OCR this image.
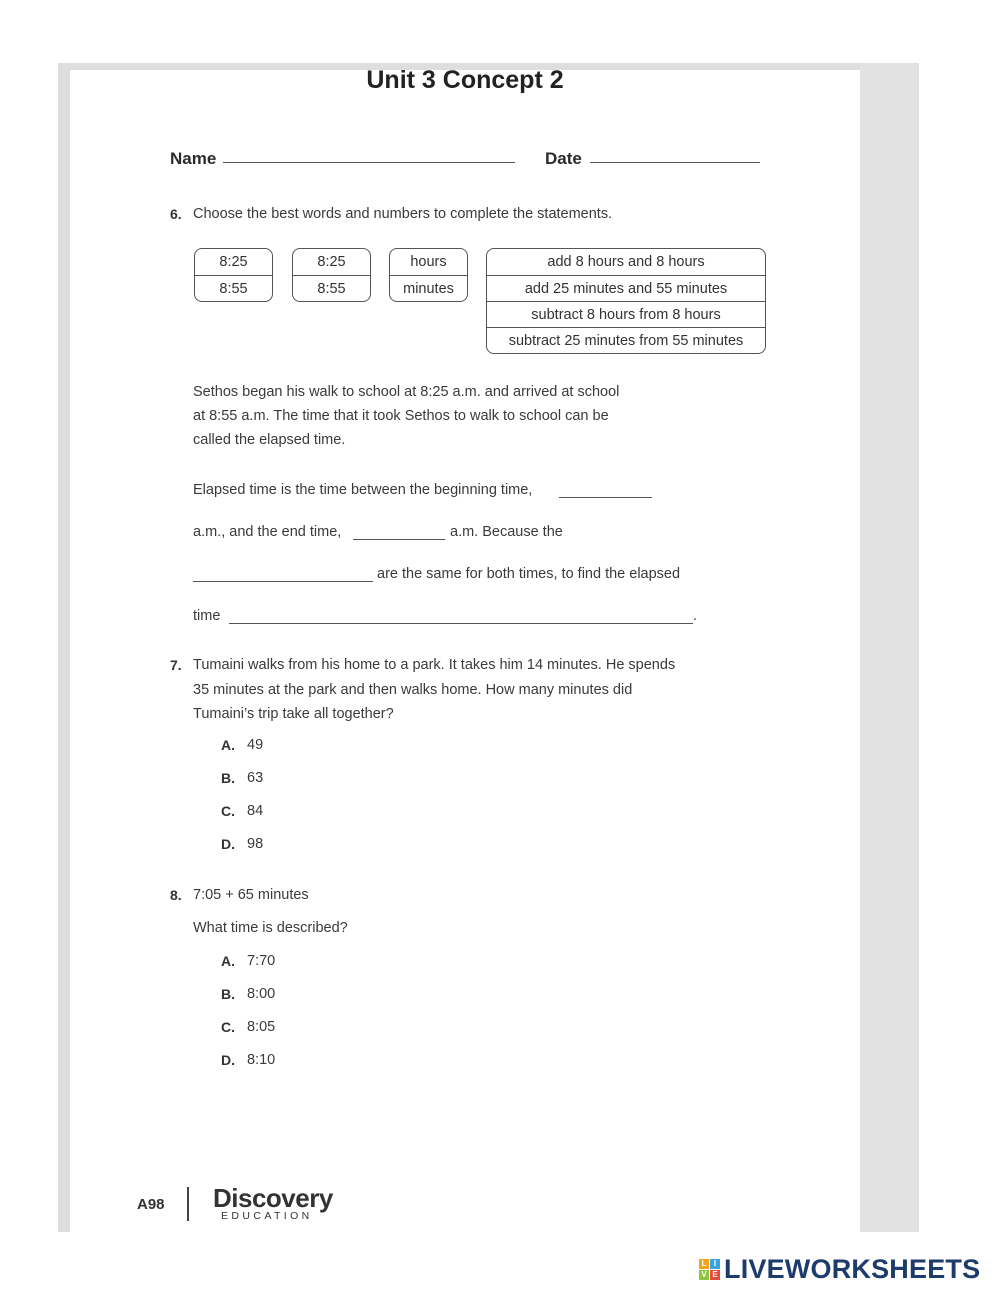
Unit 3 Concept 2
Name	Date
6. Choose the best words and numbers to complete the statements.
8:25
8:55
8:25
8:55
hours
minutes
add 8 hours and 8 hours
add 25 minutes and 55 minutes
subtract 8 hours from 8 hours
subtract 25 minutes from 55 minutes
Sethos began his walk to school at 8:25 a.m. and arrived at school
at 8:55 a.m. The time that it took Sethos to walk to school can be
called the elapsed time.
Elapsed time is the time between the beginning time,
a.m., and the end time,	a.m. Because the
are the same for both times, to find the elapsed
time	.
7. Tumaini walks from his home to a park. It takes him 14 minutes. He spends
35 minutes at the park and then walks home. How many minutes did
Tumaini’s trip take all together?
A. 49
B. 63
C. 84
D. 98
8. 7:05 + 65 minutes
What time is described?
A. 7:70
B. 8:00
C. 8:05
D. 8:10
A98 Discovery
EDUCATION
L I
V E LIVEWORKSHEETS
